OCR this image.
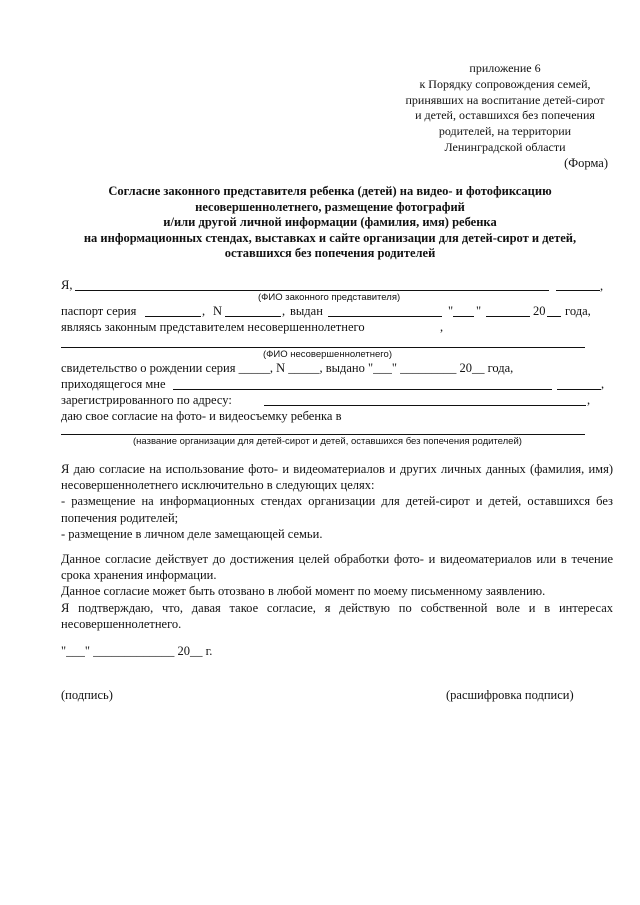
приложение 6
к Порядку сопровождения семей,
принявших на воспитание детей-сирот
и детей, оставшихся без попечения
родителей, на территории
Ленинградской области
(Форма)
Согласие законного представителя ребенка (детей) на видео- и фотофиксацию
несовершеннолетнего, размещение фотографий
и/или другой личной информации (фамилия, имя) ребенка
на информационных стендах, выставках и сайте организации для детей-сирот и детей,
оставшихся без попечения родителей
Я,	,
(ФИО законного представителя)
паспорт серия	, N	, выдан	" "	20 года,
являясь законным представителем несовершеннолетнего	,
(ФИО несовершеннолетнего)
свидетельство о рождении серия _____, N _____, выдано "___" _________ 20__ года,
приходящегося мне	,
зарегистрированного по адресу:	,
даю свое согласие на фото- и видеосъемку ребенка в
(название организации для детей-сирот и детей, оставшихся без попечения родителей)
Я даю согласие на использование фото- и видеоматериалов и других личных данных (фамилия, имя) несовершеннолетнего исключительно в следующих целях:
- размещение на информационных стендах организации для детей-сирот и детей, оставшихся без попечения родителей;
- размещение в личном деле замещающей семьи.
Данное согласие действует до достижения целей обработки фото- и видеоматериалов или в течение срока хранения информации.
Данное согласие может быть отозвано в любой момент по моему письменному заявлению.
Я подтверждаю, что, давая такое согласие, я действую по собственной воле и в интересах несовершеннолетнего.
"___" _____________ 20__ г.
(подпись)	(расшифровка подписи)
